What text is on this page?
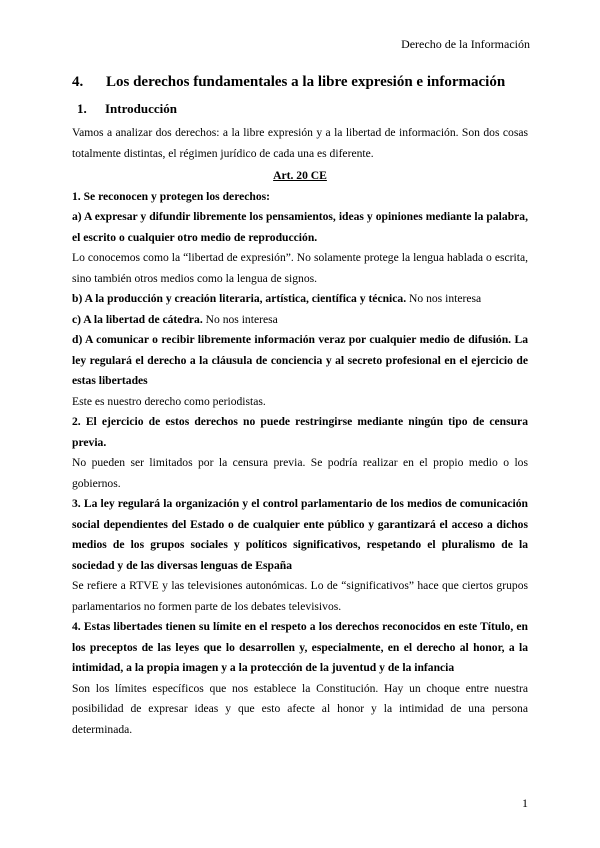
Derecho de la Información
4.	Los derechos fundamentales a la libre expresión e información
1.	Introducción

Vamos a analizar dos derechos: a la libre expresión y a la libertad de información. Son dos cosas totalmente distintas, el régimen jurídico de cada una es diferente.

Art. 20 CE

1. Se reconocen y protegen los derechos:

a) A expresar y difundir libremente los pensamientos, ideas y opiniones mediante la palabra, el escrito o cualquier otro medio de reproducción.

Lo conocemos como la “libertad de expresión”. No solamente protege la lengua hablada o escrita, sino también otros medios como la lengua de signos.

b) A la producción y creación literaria, artística, científica y técnica. No nos interesa

c) A la libertad de cátedra. No nos interesa

d) A comunicar o recibir libremente información veraz por cualquier medio de difusión. La ley regulará el derecho a la cláusula de conciencia y al secreto profesional en el ejercicio de estas libertades

Este es nuestro derecho como periodistas.

2. El ejercicio de estos derechos no puede restringirse mediante ningún tipo de censura previa.

No pueden ser limitados por la censura previa. Se podría realizar en el propio medio o los gobiernos.

3. La ley regulará la organización y el control parlamentario de los medios de comunicación social dependientes del Estado o de cualquier ente público y garantizará el acceso a dichos medios de los grupos sociales y políticos significativos, respetando el pluralismo de la sociedad y de las diversas lenguas de España

Se refiere a RTVE y las televisiones autonómicas. Lo de “significativos” hace que ciertos grupos parlamentarios no formen parte de los debates televisivos.

4. Estas libertades tienen su límite en el respeto a los derechos reconocidos en este Título, en los preceptos de las leyes que lo desarrollen y, especialmente, en el derecho al honor, a la intimidad, a la propia imagen y a la protección de la juventud y de la infancia

Son los límites específicos que nos establece la Constitución. Hay un choque entre nuestra posibilidad de expresar ideas y que esto afecte al honor y la intimidad de una persona determinada.

1
